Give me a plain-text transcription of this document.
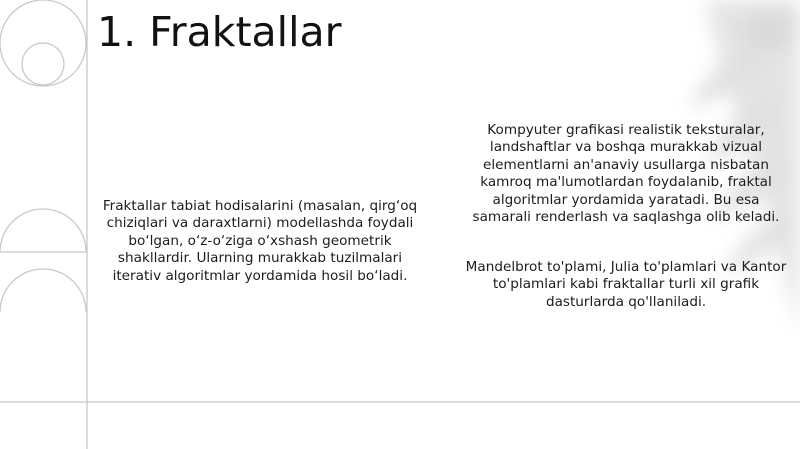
1. Fraktallar

Fraktallar tabiat hodisalarini (masalan, qirg‘oq chiziqlari va daraxtlarni) modellashda foydali bo‘lgan, o‘z-o‘ziga o‘xshash geometrik shakllardir. Ularning murakkab tuzilmalari iterativ algoritmlar yordamida hosil bo‘ladi.

Kompyuter grafikasi realistik teksturalar, landshaftlar va boshqa murakkab vizual elementlarni an'anaviy usullarga nisbatan kamroq ma'lumotlardan foydalanib, fraktal algoritmlar yordamida yaratadi. Bu esa samarali renderlash va saqlashga olib keladi.

Mandelbrot to'plami, Julia to'plamlari va Kantor to'plamlari kabi fraktallar turli xil grafik dasturlarda qo'llaniladi.
